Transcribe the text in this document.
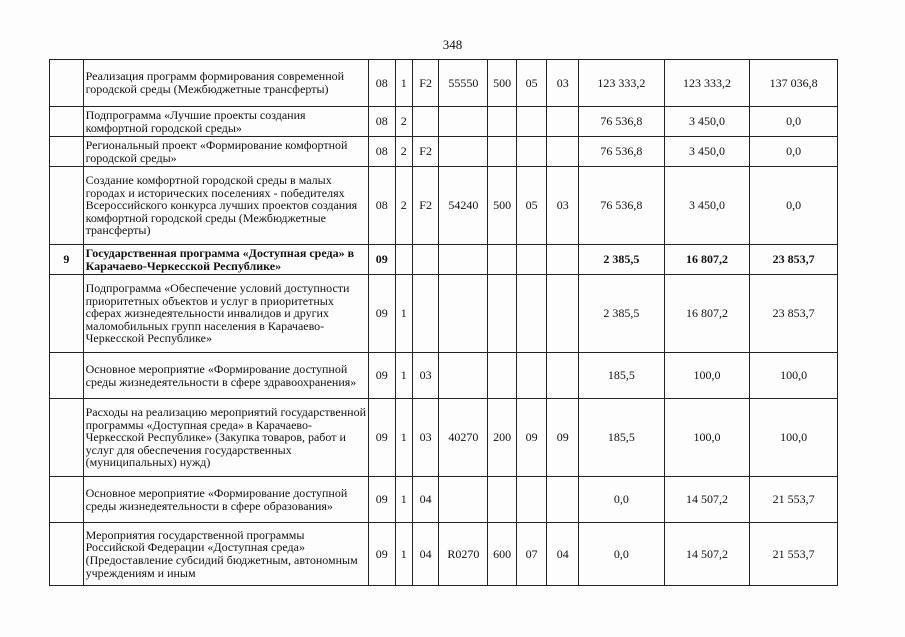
348
	Реализация программ формирования современной городской среды (Межбюджетные трансферты)	08	1	F2	55550	500	05	03	123 333,2	123 333,2	137 036,8
	Подпрограмма «Лучшие проекты создания комфортной городской среды»	08	2						76 536,8	3 450,0	0,0
	Региональный проект «Формирование комфортной городской среды»	08	2	F2					76 536,8	3 450,0	0,0
	Создание комфортной городской среды в малых городах и исторических поселениях - победителях Всероссийского конкурса лучших проектов создания комфортной городской среды (Межбюджетные трансферты)	08	2	F2	54240	500	05	03	76 536,8	3 450,0	0,0
9	Государственная программа «Доступная среда» в Карачаево-Черкесской Республике»	09							2 385,5	16 807,2	23 853,7
	Подпрограмма «Обеспечение условий доступности приоритетных объектов и услуг в приоритетных сферах жизнедеятельности инвалидов и других маломобильных групп населения в Карачаево-Черкесской Республике»	09	1						2 385,5	16 807,2	23 853,7
	Основное мероприятие «Формирование доступной среды жизнедеятельности в сфере здравоохранения»	09	1	03					185,5	100,0	100,0
	Расходы на реализацию мероприятий государственной программы «Доступная среда» в Карачаево-Черкесской Республике» (Закупка товаров, работ и услуг для обеспечения государственных (муниципальных) нужд)	09	1	03	40270	200	09	09	185,5	100,0	100,0
	Основное мероприятие «Формирование доступной среды жизнедеятельности в сфере образования»	09	1	04					0,0	14 507,2	21 553,7
	Мероприятия государственной программы Российской Федерации «Доступная среда» (Предоставление субсидий бюджетным, автономным учреждениям и иным	09	1	04	R0270	600	07	04	0,0	14 507,2	21 553,7
